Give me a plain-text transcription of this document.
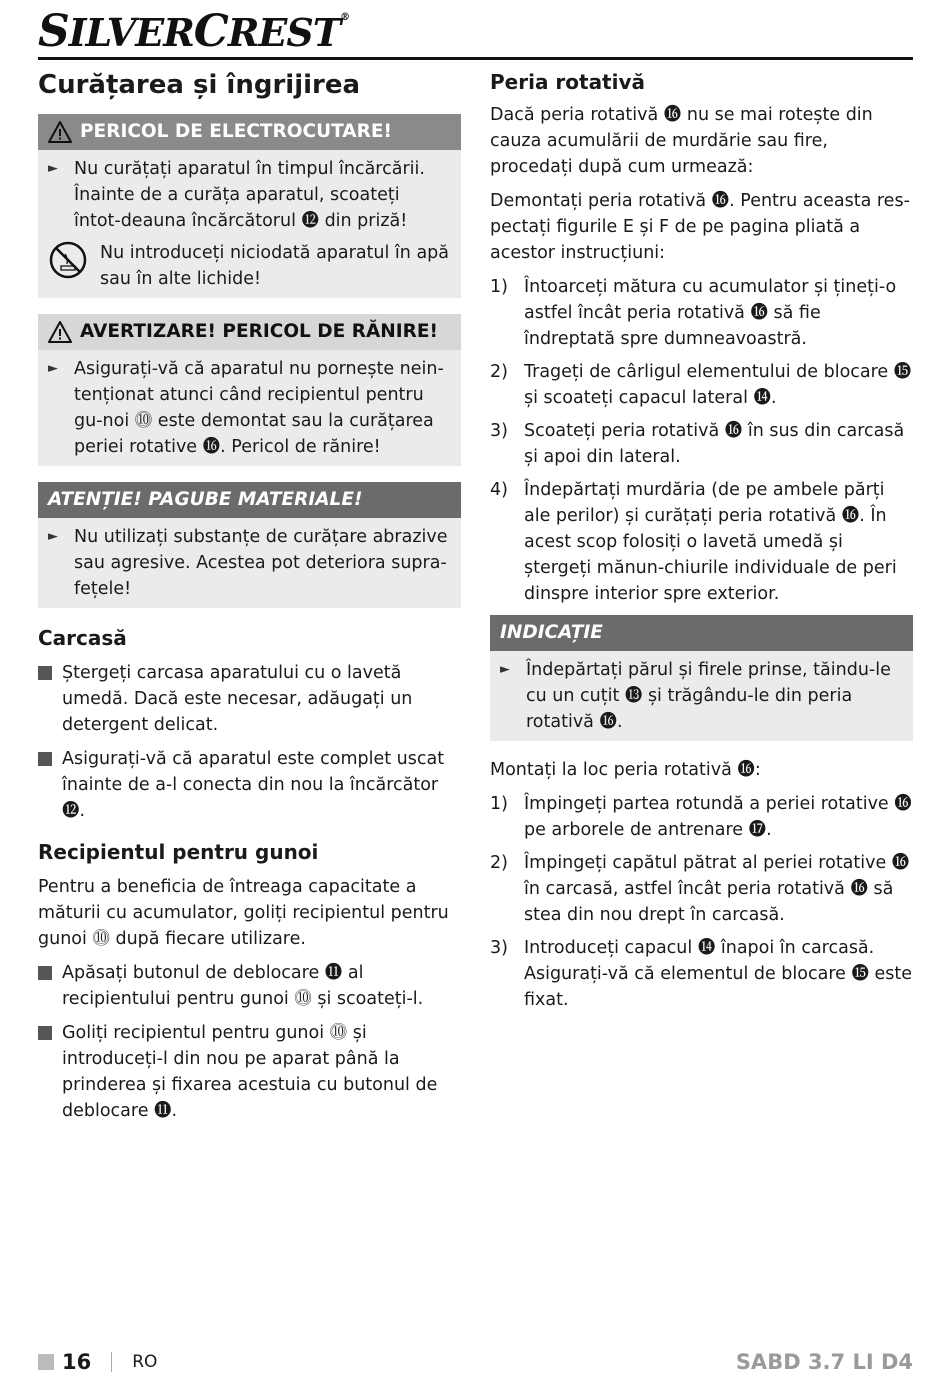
SILVERCREST®
Curățarea și îngrijirea
PERICOL DE ELECTROCUTARE!
► Nu curățați aparatul în timpul încărcării. Înainte de a curăța aparatul, scoateți întot-deauna încărcătorul ⓬ din priză!
Nu introduceți niciodată aparatul în apă sau în alte lichide!
AVERTIZARE! PERICOL DE RĂNIRE!
► Asigurați-vă că aparatul nu pornește nein-tenționat atunci când recipientul pentru gu-noi ⓾ este demontat sau la curățarea periei rotative ⓰. Pericol de rănire!
ATENȚIE! PAGUBE MATERIALE!
► Nu utilizați substanțe de curățare abrazive sau agresive. Acestea pot deteriora supra-fețele!
Carcasă
Ștergeți carcasa aparatului cu o lavetă umedă. Dacă este necesar, adăugați un detergent delicat.
Asigurați-vă că aparatul este complet uscat înainte de a-l conecta din nou la încărcător ⓬.
Recipientul pentru gunoi

Pentru a beneficia de întreaga capacitate a măturii cu acumulator, goliți recipientul pentru gunoi ⓾ după fiecare utilizare.

Apăsați butonul de deblocare ⓫ al recipientului pentru gunoi ⓾ și scoateți-l.
Goliți recipientul pentru gunoi ⓾ și introduceți-l din nou pe aparat până la prinderea și fixarea acestuia cu butonul de deblocare ⓫.
Peria rotativă

Dacă peria rotativă ⓰ nu se mai rotește din cauza acumulării de murdărie sau fire, procedați după cum urmează:

Demontați peria rotativă ⓰. Pentru aceasta res-pectați figurile E și F de pe pagina pliată a acestor instrucțiuni:

1) Întoarceți mătura cu acumulator și țineți-o astfel încât peria rotativă ⓰ să fie îndreptată spre dumneavoastră.
2) Trageți de cârligul elementului de blocare ⓯ și scoateți capacul lateral ⓮.
3) Scoateți peria rotativă ⓰ în sus din carcasă și apoi din lateral.
4) Îndepărtați murdăria (de pe ambele părți ale perilor) și curățați peria rotativă ⓰. În acest scop folosiți o lavetă umedă și ștergeți mănun-chiurile individuale de peri dinspre interior spre exterior.
INDICAȚIE
► Îndepărtați părul și firele prinse, tăindu-le cu un cuțit ⓭ și trăgându-le din peria rotativă ⓰.

Montați la loc peria rotativă ⓰:

1) Împingeți partea rotundă a periei rotative ⓰ pe arborele de antrenare ⓱.
2) Împingeți capătul pătrat al periei rotative ⓰ în carcasă, astfel încât peria rotativă ⓰ să stea din nou drept în carcasă.
3) Introduceți capacul ⓮ înapoi în carcasă. Asigurați-vă că elementul de blocare ⓯ este fixat.
16 RO	SABD 3.7 LI D4
